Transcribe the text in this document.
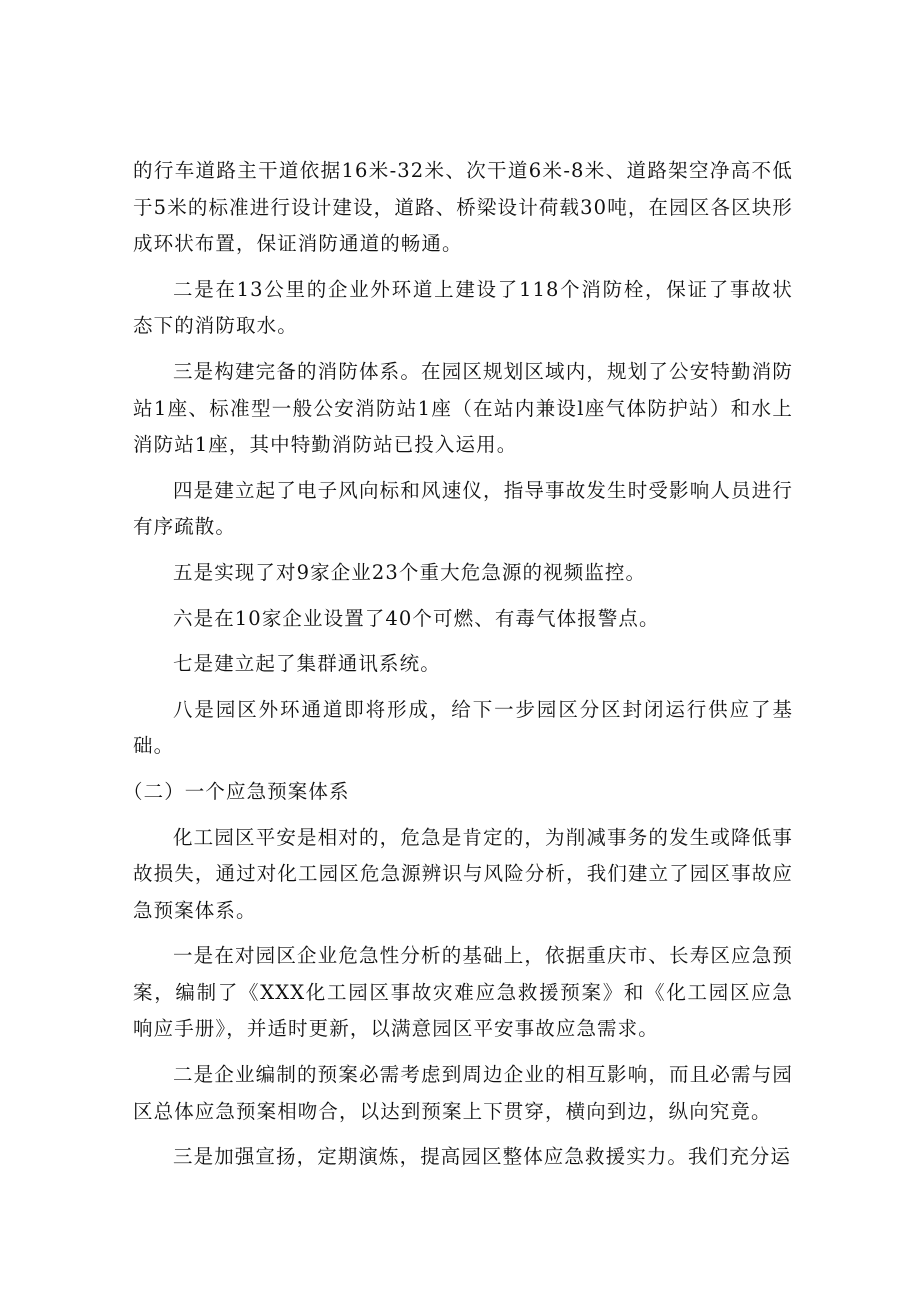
的行车道路主干道依据16米-32米、次干道6米-8米、道路架空净高不低于5米的标准进行设计建设，道路、桥梁设计荷载30吨，在园区各区块形成环状布置，保证消防通道的畅通。

二是在13公里的企业外环道上建设了118个消防栓，保证了事故状态下的消防取水。

三是构建完备的消防体系。在园区规划区域内，规划了公安特勤消防站1座、标准型一般公安消防站1座（在站内兼设l座气体防护站）和水上消防站1座，其中特勤消防站已投入运用。

四是建立起了电子风向标和风速仪，指导事故发生时受影响人员进行有序疏散。

五是实现了对9家企业23个重大危急源的视频监控。

六是在10家企业设置了40个可燃、有毒气体报警点。

七是建立起了集群通讯系统。

八是园区外环通道即将形成，给下一步园区分区封闭运行供应了基础。

（二）一个应急预案体系

化工园区平安是相对的，危急是肯定的，为削减事务的发生或降低事故损失，通过对化工园区危急源辨识与风险分析，我们建立了园区事故应急预案体系。

一是在对园区企业危急性分析的基础上，依据重庆市、长寿区应急预案，编制了《XXX化工园区事故灾难应急救援预案》和《化工园区应急响应手册》，并适时更新，以满意园区平安事故应急需求。

二是企业编制的预案必需考虑到周边企业的相互影响，而且必需与园区总体应急预案相吻合，以达到预案上下贯穿，横向到边，纵向究竟。

三是加强宣扬，定期演炼，提高园区整体应急救援实力。我们充分运
